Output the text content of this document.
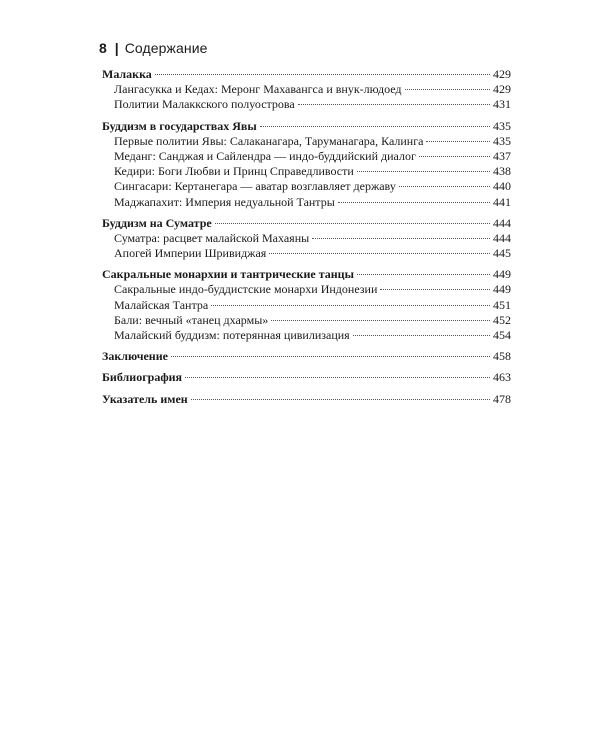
8 | Содержание
Малакка	429
Лангасукка и Кедах: Меронг Махавангса и внук-людоед	429
Политии Малаккского полуострова	431
Буддизм в государствах Явы	435
Первые политии Явы: Салаканагара, Таруманагара, Калинга	435
Меданг: Санджая и Сайлендра — индо-буддийский диалог	437
Кедири: Боги Любви и Принц Справедливости	438
Сингасари: Кертанегара — аватар возглавляет державу	440
Маджапахит: Империя недуальной Тантры	441
Буддизм на Суматре	444
Суматра: расцвет малайской Махаяны	444
Апогей Империи Шривиджая	445
Сакральные монархии и тантрические танцы	449
Сакральные индо-буддистские монархи Индонезии	449
Малайская Тантра	451
Бали: вечный «танец дхармы»	452
Малайский буддизм: потерянная цивилизация	454
Заключение	458
Библиография	463
Указатель имен	478
